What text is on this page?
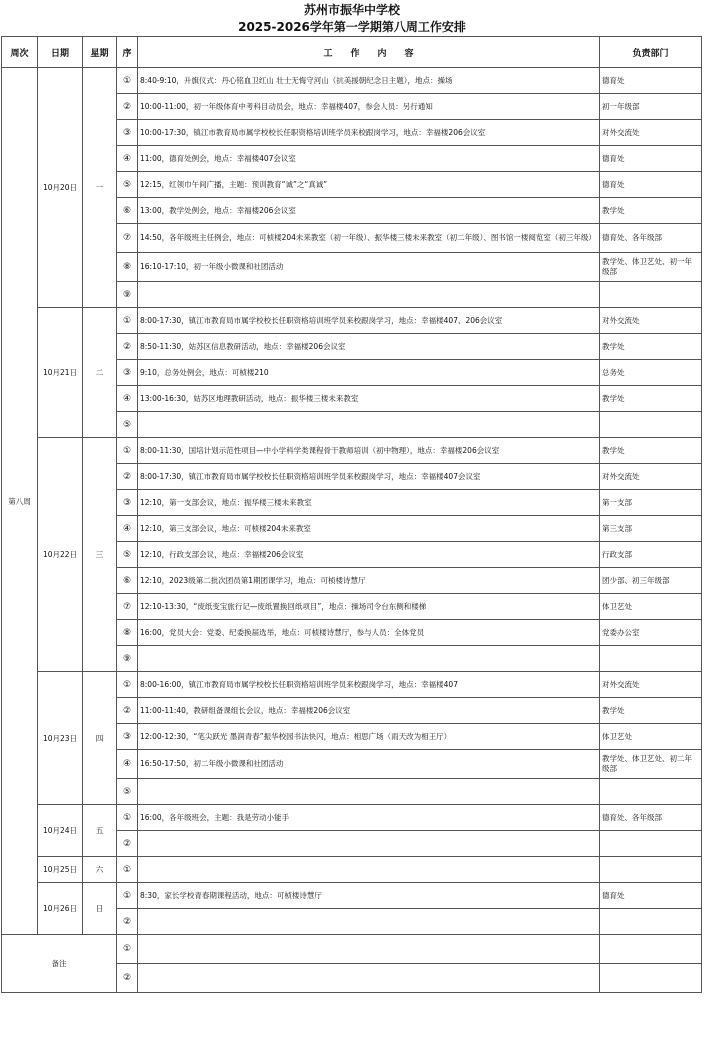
苏州市振华中学校
2025-2026学年第一学期第八周工作安排
周次	日期	星期	序	工　　作　　内　　容	负责部门
第八周	10月20日	一	①	8:40-9:10，升旗仪式：丹心铭血卫红山 壮士无悔守河山（抗美援朝纪念日主题），地点：操场	德育处
			②	10:00-11:00，初一年级体育中考科目动员会，地点：幸福楼407，参会人员：另行通知	初一年级部
			③	10:00-17:30，镇江市教育局市属学校校长任职资格培训班学员来校跟岗学习，地点：幸福楼206会议室	对外交流处
			④	11:00，德育处例会，地点：幸福楼407会议室	德育处
			⑤	12:15，红领巾午间广播，主题：预训教育“诚”之“真诚”	德育处
			⑥	13:00，教学处例会，地点：幸福楼206会议室	教学处
			⑦	14:50，各年级班主任例会，地点：可桢楼204未来教室（初一年级）、振华楼三楼未来教室（初二年级）、图书馆一楼阅览室（初三年级）	德育处、各年级部
			⑧	16:10-17:10，初一年级小微课和社团活动	教学处、体卫艺处、初一年级部
			⑨		
	10月21日	二	①	8:00-17:30，镇江市教育局市属学校校长任职资格培训班学员来校跟岗学习，地点：幸福楼407、206会议室	对外交流处
			②	8:50-11:30，姑苏区信息教研活动，地点：幸福楼206会议室	教学处
			③	9:10，总务处例会，地点：可桢楼210	总务处
			④	13:00-16:30，姑苏区地理教研活动，地点：振华楼三楼未来教室	教学处
			⑤		
	10月22日	三	①	8:00-11:30，国培计划示范性项目—中小学科学类课程骨干教师培训（初中物理），地点：幸福楼206会议室	教学处
			②	8:00-17:30，镇江市教育局市属学校校长任职资格培训班学员来校跟岗学习，地点：幸福楼407会议室	对外交流处
			③	12:10，第一支部会议，地点：振华楼三楼未来教室	第一支部
			④	12:10，第三支部会议，地点：可桢楼204未来教室	第三支部
			⑤	12:10，行政支部会议，地点：幸福楼206会议室	行政支部
			⑥	12:10，2023级第二批次团员第1期团课学习，地点：可桢楼诗慧厅	团少部、初三年级部
			⑦	12:10-13:30，“废纸变宝旅行记—废纸置换回纸项目”，地点：操场司令台东侧和楼梯	体卫艺处
			⑧	16:00，党员大会：党委、纪委换届选举，地点：可桢楼诗慧厅，参与人员：全体党员	党委办公室
			⑨		
	10月23日	四	①	8:00-16:00，镇江市教育局市属学校校长任职资格培训班学员来校跟岗学习，地点：幸福楼407	对外交流处
			②	11:00-11:40，教研组备课组长会议，地点：幸福楼206会议室	教学处
			③	12:00-12:30，“笔尖跃光 墨润青春”振华校园书法快闪，地点：相思广场（雨天改为相王厅）	体卫艺处
			④	16:50-17:50，初二年级小微课和社团活动	教学处、体卫艺处、初二年级部
			⑤		
	10月24日	五	①	16:00，各年级班会，主题：我是劳动小能手	德育处、各年级部
			②		
	10月25日	六	①		
	10月26日	日	①	8:30，家长学校青春期课程活动，地点：可桢楼诗慧厅	德育处
			②		
备注			①		
			②		
